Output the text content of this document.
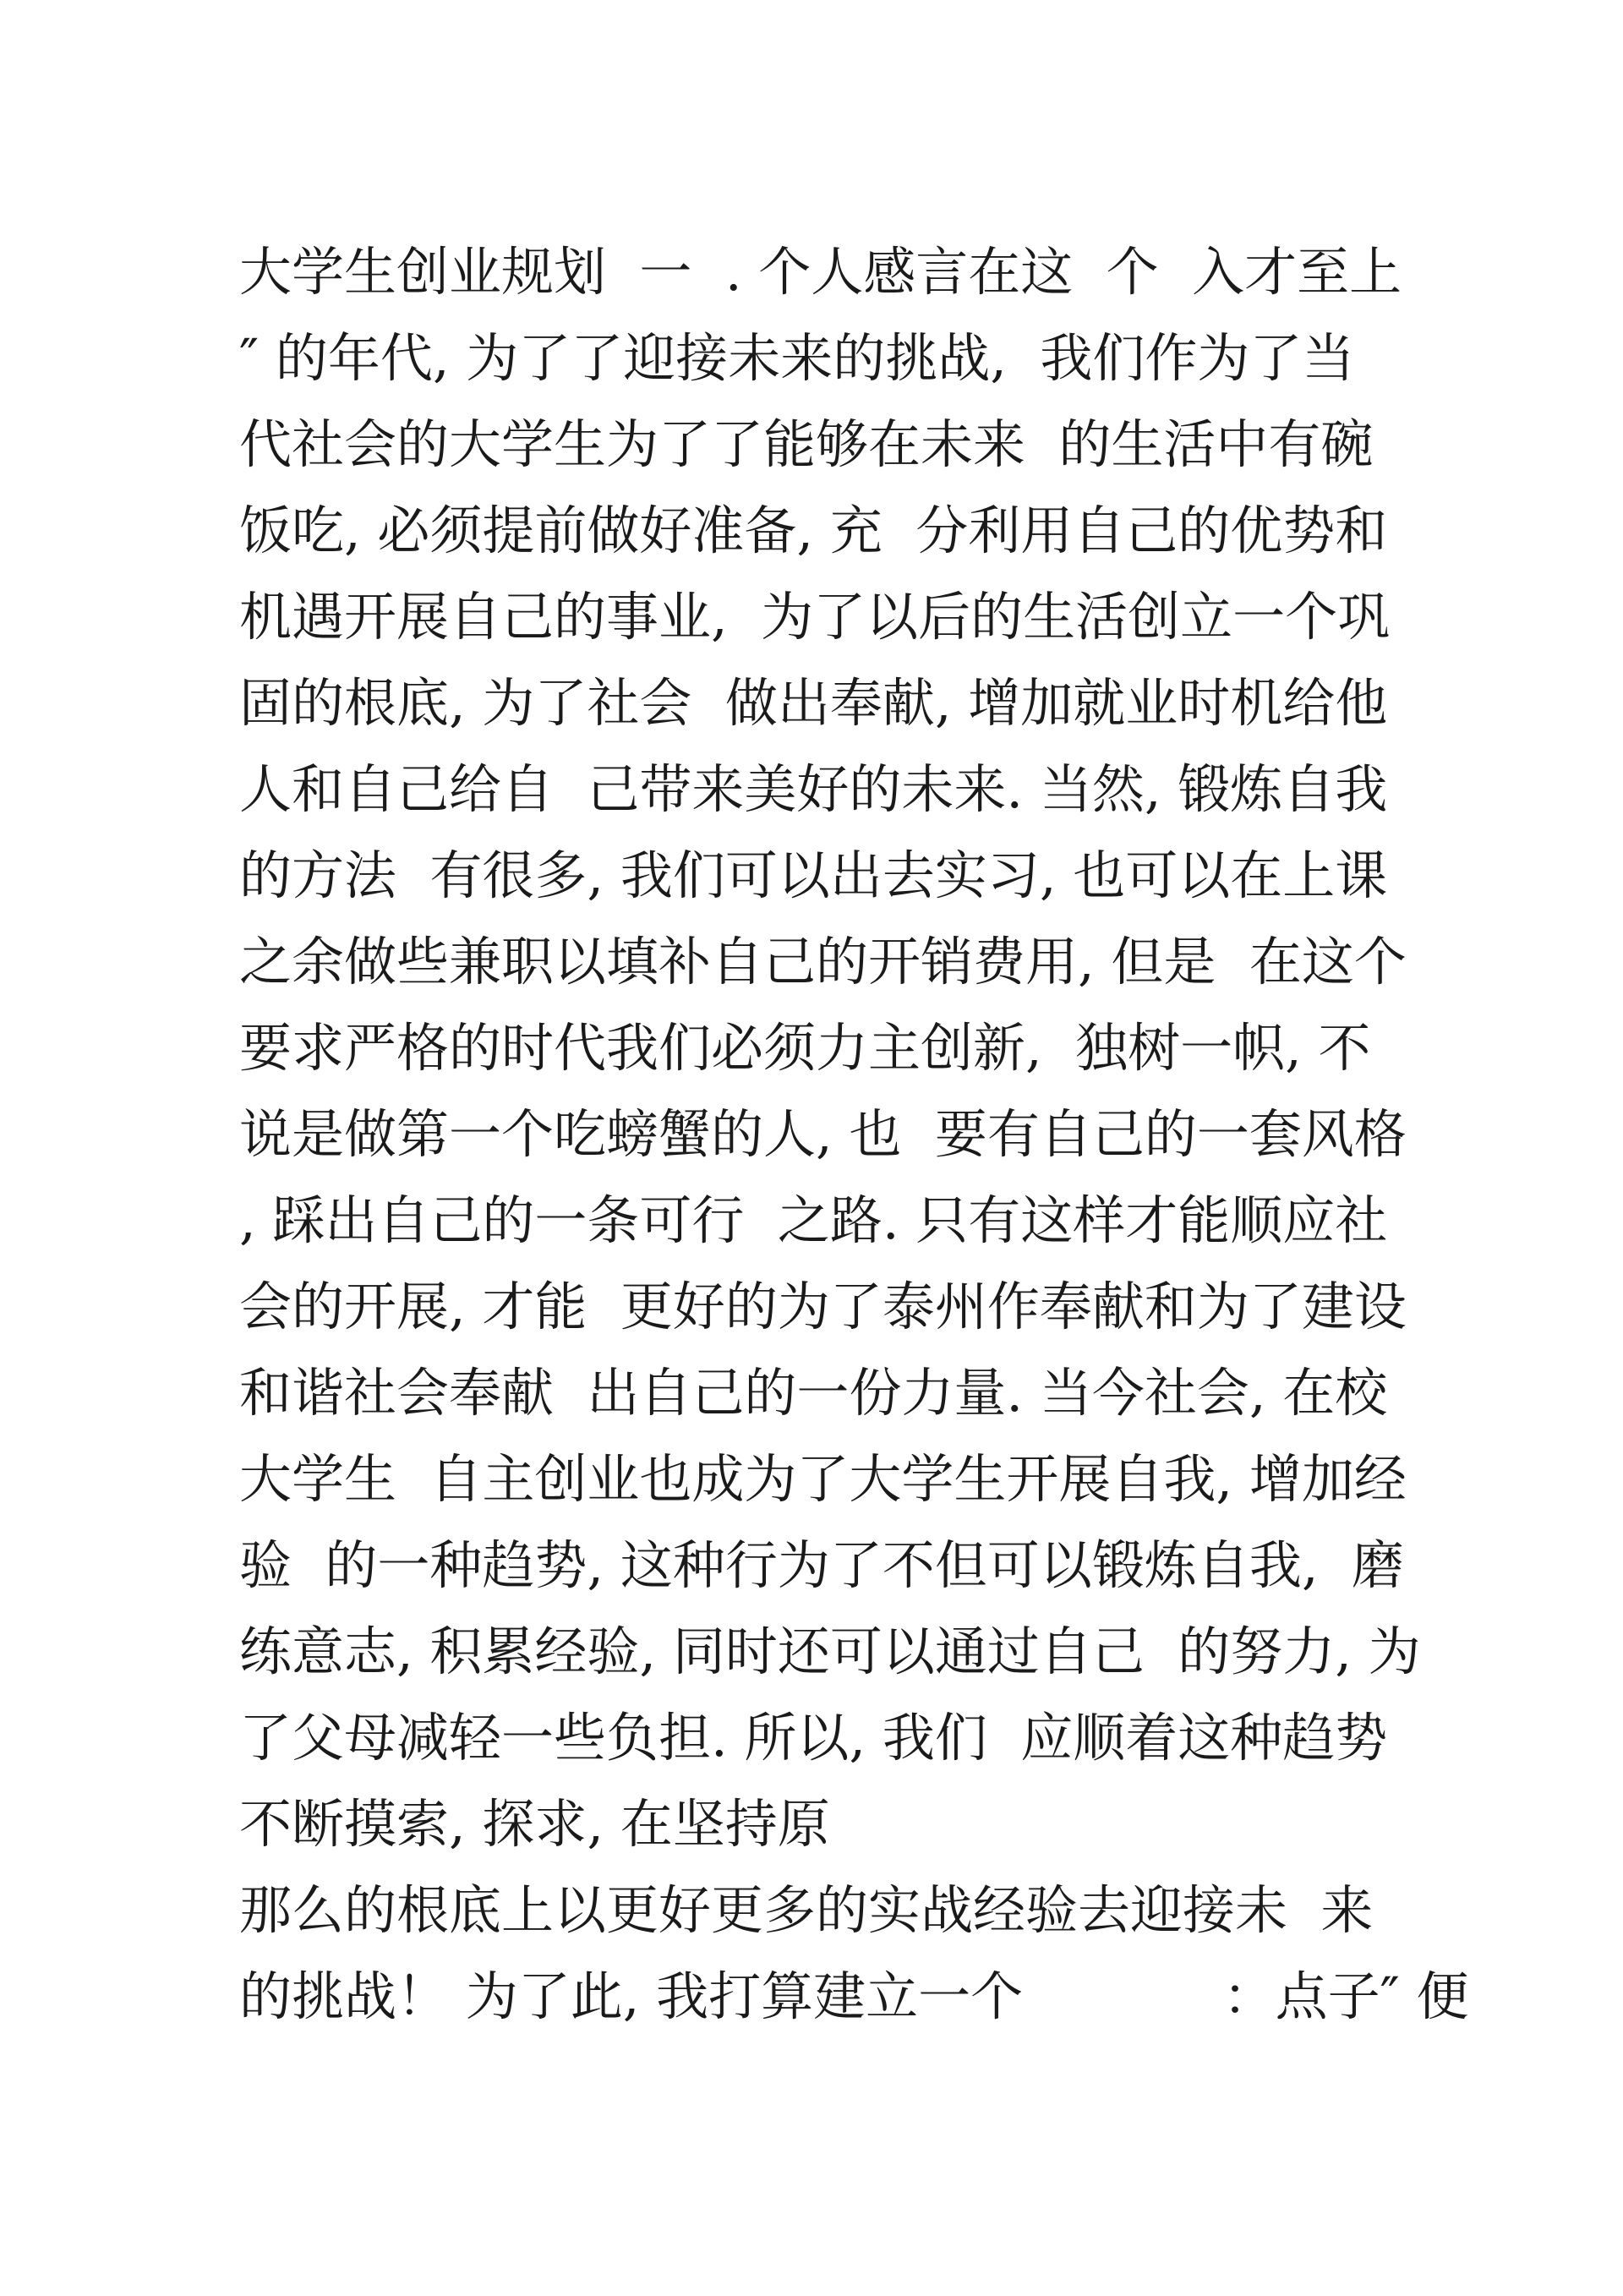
大学生创业规划  一  . 个人感言在这  个  入才至上
″ 的年代, 为了了迎接未来的挑战,  我们作为了当
代社会的大学生为了了能够在未来  的生活中有碗
饭吃, 必须提前做好准备, 充  分利用自己的优势和
机遇开展自己的事业,  为了以后的生活创立一个巩
固的根底, 为了社会  做出奉献, 增加就业时机给他
人和自己给自  己带来美好的未来. 当然, 锻炼自我
的方法  有很多, 我们可以出去实习, 也可以在上课
之余做些兼职以填补自己的开销费用, 但是  在这个
要求严格的时代我们必须力主创新,  独树一帜, 不
说是做第一个吃螃蟹的人, 也  要有自己的一套风格
, 踩出自己的一条可行  之路. 只有这样才能顺应社
会的开展, 才能  更好的为了泰州作奉献和为了建设
和谐社会奉献  出自己的一份力量. 当今社会, 在校
大学生  自主创业也成为了大学生开展自我, 增加经
验  的一种趋势, 这种行为了不但可以锻炼自我,  磨
练意志, 积累经验, 同时还可以通过自己  的努力, 为
了父母减轻一些负担. 所以, 我们  应顺着这种趋势
不断摸索, 探求, 在坚持原
那么的根底上以更好更多的实战经验去迎接未  来
的挑战！ 为了此, 我打算建立一个            ：点子″ 便
